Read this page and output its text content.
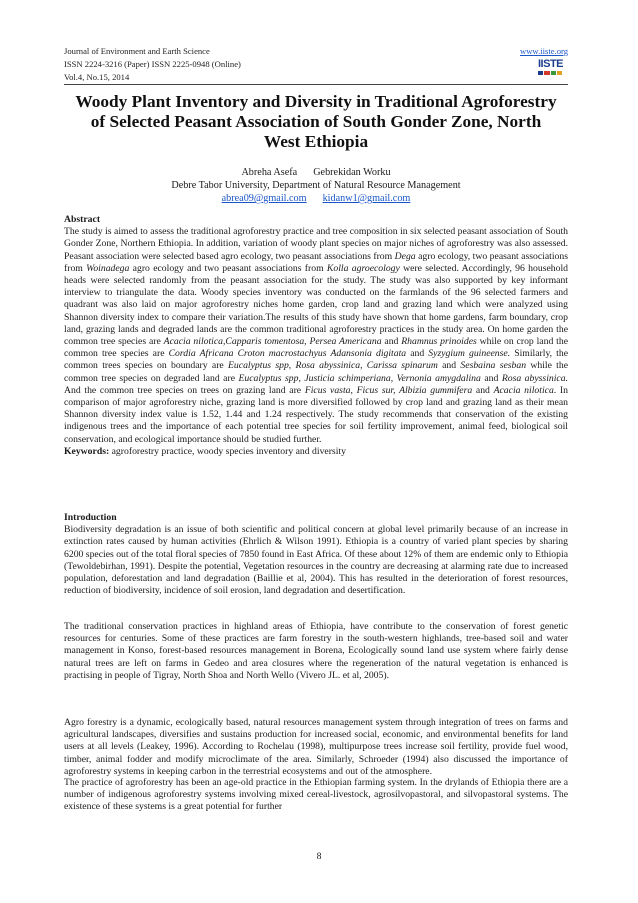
Journal of Environment and Earth Science
ISSN 2224-3216 (Paper) ISSN 2225-0948 (Online)
Vol.4, No.15, 2014
www.iiste.org
IISTE
Woody Plant Inventory and Diversity in Traditional Agroforestry
of Selected Peasant Association of South Gonder Zone, North
West Ethiopia
Abreha Asefa Gebrekidan Worku
Debre Tabor University, Department of Natural Resource Management
abrea09@gmail.com kidanw1@gmail.com
Abstract
The study is aimed to assess the traditional agroforestry practice and tree composition in six selected peasant association of South Gonder Zone, Northern Ethiopia. In addition, variation of woody plant species on major niches of agroforestry was also assessed. Peasant association were selected based agro ecology, two peasant associations from Dega agro ecology, two peasant associations from Woinadega agro ecology and two peasant associations from Kolla agroecology were selected. Accordingly, 96 household heads were selected randomly from the peasant association for the study. The study was also supported by key informant interview to triangulate the data. Woody species inventory was conducted on the farmlands of the 96 selected farmers and quadrant was also laid on major agroforestry niches home garden, crop land and grazing land which were analyzed using Shannon diversity index to compare their variation.The results of this study have shown that home gardens, farm boundary, crop land, grazing lands and degraded lands are the common traditional agroforestry practices in the study area. On home garden the common tree species are Acacia nilotica,Capparis tomentosa, Persea Americana and Rhamnus prinoides while on crop land the common tree species are Cordia Africana Croton macrostachyus Adansonia digitata and Syzygium guineense. Similarly, the common trees species on boundary are Eucalyptus spp, Rosa abyssinica, Carissa spinarum and Sesbaina sesban while the common tree species on degraded land are Eucalyptus spp, Justicia schimperiana, Vernonia amygdalina and Rosa abyssinica. And the common tree species on trees on grazing land are Ficus vasta, Ficus sur, Albizia gummifera and Acacia nilotica. In comparison of major agroforestry niche, grazing land is more diversified followed by crop land and grazing land as their mean Shannon diversity index value is 1.52, 1.44 and 1.24 respectively. The study recommends that conservation of the existing indigenous trees and the importance of each potential tree species for soil fertility improvement, animal feed, biological soil conservation, and ecological importance should be studied further.
Keywords: agroforestry practice, woody species inventory and diversity
Introduction
Biodiversity degradation is an issue of both scientific and political concern at global level primarily because of an increase in extinction rates caused by human activities (Ehrlich & Wilson 1991). Ethiopia is a country of varied plant species by sharing 6200 species out of the total floral species of 7850 found in East Africa. Of these about 12% of them are endemic only to Ethiopia (Tewoldebirhan, 1991). Despite the potential, Vegetation resources in the country are decreasing at alarming rate due to increased population, deforestation and land degradation (Baillie et al, 2004). This has resulted in the deterioration of forest resources, reduction of biodiversity, incidence of soil erosion, land degradation and desertification.
The traditional conservation practices in highland areas of Ethiopia, have contribute to the conservation of forest genetic resources for centuries. Some of these practices are farm forestry in the south-western highlands, tree-based soil and water management in Konso, forest-based resources management in Borena, Ecologically sound land use system where fairly dense natural trees are left on farms in Gedeo and area closures where the regeneration of the natural vegetation is enhanced is practising in people of Tigray, North Shoa and North Wello (Vivero JL. et al, 2005).
Agro forestry is a dynamic, ecologically based, natural resources management system through integration of trees on farms and agricultural landscapes, diversifies and sustains production for increased social, economic, and environmental benefits for land users at all levels (Leakey, 1996). According to Rochelau (1998), multipurpose trees increase soil fertility, provide fuel wood, timber, animal fodder and modify microclimate of the area. Similarly, Schroeder (1994) also discussed the importance of agroforestry systems in keeping carbon in the terrestrial ecosystems and out of the atmosphere.
The practice of agroforestry has been an age-old practice in the Ethiopian farming system. In the drylands of Ethiopia there are a number of indigenous agroforestry systems involving mixed cereal-livestock, agrosilvopastoral, and silvopastoral systems. The existence of these systems is a great potential for further
8
